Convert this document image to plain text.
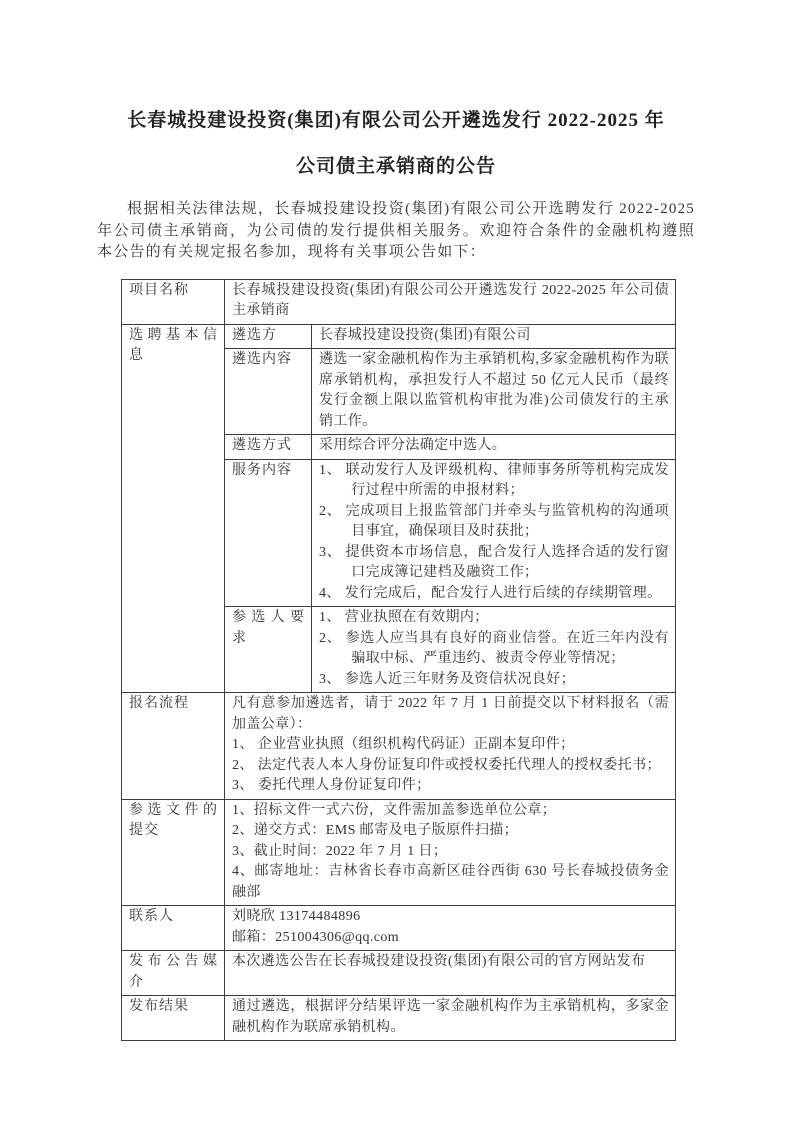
长春城投建设投资(集团)有限公司公开遴选发行 2022-2025 年
公司债主承销商的公告

根据相关法律法规，长春城投建设投资(集团)有限公司公开选聘发行 2022-2025 年公司债主承销商，为公司债的发行提供相关服务。欢迎符合条件的金融机构遵照本公告的有关规定报名参加，现将有关事项公告如下：

项目名称	长春城投建设投资(集团)有限公司公开遴选发行 2022-2025 年公司债主承销商	
选聘基本信息	遴选方	长春城投建设投资(集团)有限公司
	遴选内容	遴选一家金融机构作为主承销机构,多家金融机构作为联席承销机构，承担发行人不超过 50 亿元人民币（最终发行金额上限以监管机构审批为准)公司债发行的主承销工作。
	遴选方式	采用综合评分法确定中选人。
	服务内容	1、 联动发行人及评级机构、律师事务所等机构完成发行过程中所需的申报材料；
2、 完成项目上报监管部门并牵头与监管机构的沟通项目事宜，确保项目及时获批；
3、 提供资本市场信息，配合发行人选择合适的发行窗口完成簿记建档及融资工作；
4、 发行完成后，配合发行人进行后续的存续期管理。

	参选人要求	1、 营业执照在有效期内；
2、 参选人应当具有良好的商业信誉。在近三年内没有骗取中标、严重违约、被责令停业等情况；
3、 参选人近三年财务及资信状况良好；

报名流程	凡有意参加遴选者，请于 2022 年 7 月 1 日前提交以下材料报名（需加盖公章）：
1、 企业营业执照（组织机构代码证）正副本复印件；
2、 法定代表人本人身份证复印件或授权委托代理人的授权委托书；
3、 委托代理人身份证复印件；	

参选文件的提交	1、招标文件一式六份，文件需加盖参选单位公章；
2、递交方式：EMS 邮寄及电子版原件扫描；
3、截止时间：2022 年 7 月 1 日；
4、邮寄地址：吉林省长春市高新区硅谷西街 630 号长春城投债务金融部	

联系人	刘晓欣 13174484896
邮箱：251004306@qq.com	

发布公告媒介	本次遴选公告在长春城投建设投资(集团)有限公司的官方网站发布	
发布结果	通过遴选，根据评分结果评选一家金融机构作为主承销机构，多家金融机构作为联席承销机构。	
